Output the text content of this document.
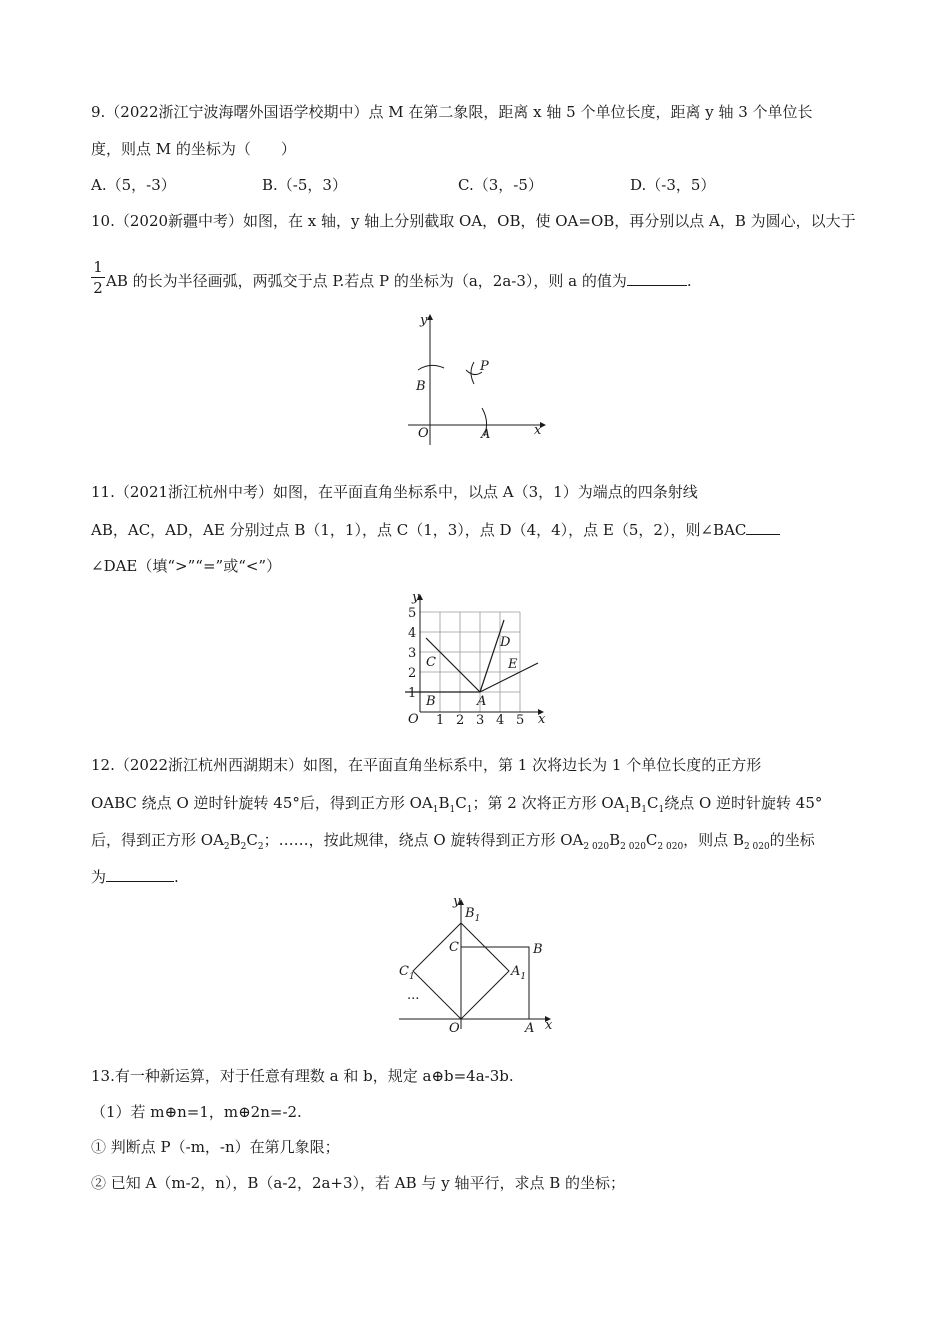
9.（2022浙江宁波海曙外国语学校期中）点 M 在第二象限，距离 x 轴 5 个单位长度，距离 y 轴 3 个单位长
度，则点 M 的坐标为（　　）
A.（5，-3）	B.（-5，3）	C.（3，-5）	D.（-3，5）
10.（2020新疆中考）如图，在 x 轴，y 轴上分别截取 OA，OB，使 OA=OB，再分别以点 A，B 为圆心，以大于
1
2 AB 的长为半径画弧，两弧交于点 P.若点 P 的坐标为（a，2a-3），则 a 的值为	.
y
x
O	A
B
P
11.（2021浙江杭州中考）如图，在平面直角坐标系中，以点 A（3，1）为端点的四条射线
AB，AC，AD，AE 分别过点 B（1，1），点 C（1，3），点 D（4，4），点 E（5，2），则∠BAC
∠DAE（填“>”“=”或“<”）
y
x
O 1 2 3 4 5
1
2
3
4
5
A
B
C
D
E
12.（2022浙江杭州西湖期末）如图，在平面直角坐标系中，第 1 次将边长为 1 个单位长度的正方形
OABC 绕点 O 逆时针旋转 45°后，得到正方形 $OA_1B_1C_1$；第 2 次将正方形 $OA_1B_1C_1$绕点 O 逆时针旋转 45°
后，得到正方形 $OA_2B_2C_2$；……，按此规律，绕点 O 旋转得到正方形 $OA_{2 020}B_{2 020}C_{2 020}$，则点 $B_{2 020}$的坐标
为	.
y
x
O	A
B
C
$A_1$
$B_1$
$C_1$
...
13.有一种新运算，对于任意有理数 a 和 b，规定 a⊕b=4a-3b.
（1）若 m⊕n=1，m⊕2n=-2.
① 判断点 P（-m，-n）在第几象限；
② 已知 A（m-2，n），B（a-2，2a+3），若 AB 与 y 轴平行，求点 B 的坐标；
